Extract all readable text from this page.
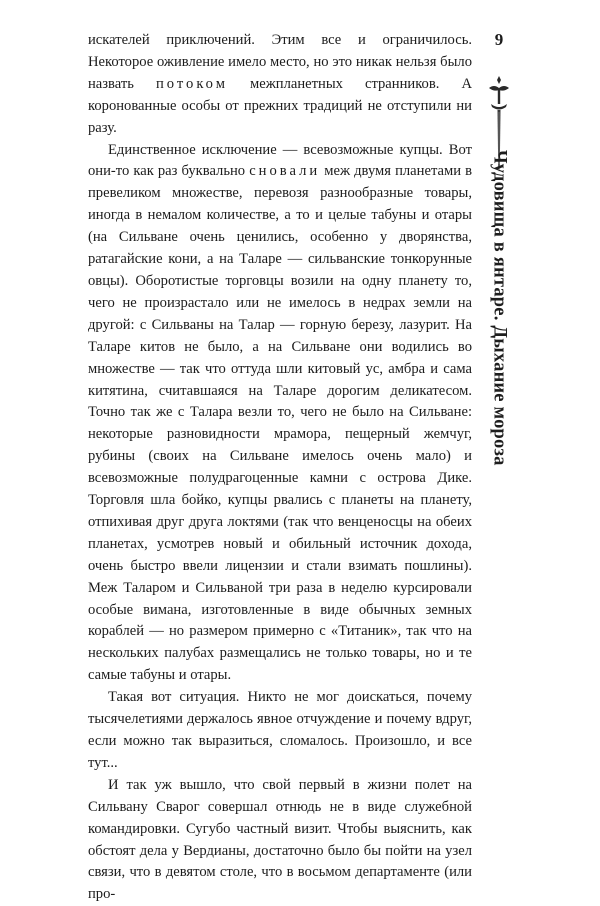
искателей приключений. Этим все и ограничилось. Некоторое оживление имело место, но это никак нельзя было назвать потоком межпланетных странников. А коронованные особы от прежних традиций не отступили ни разу.

Единственное исключение — всевозможные купцы. Вот они-то как раз буквально сновали меж двумя планетами в превеликом множестве, перевозя разнообразные товары, иногда в немалом количестве, а то и целые табуны и отары (на Сильване очень ценились, особенно у дворянства, ратагайские кони, а на Таларе — сильванские тонкорунные овцы). Оборотистые торговцы возили на одну планету то, чего не произрастало или не имелось в недрах земли на другой: с Сильваны на Талар — горную березу, лазурит. На Таларе китов не было, а на Сильване они водились во множестве — так что оттуда шли китовый ус, амбра и сама китятина, считавшаяся на Таларе дорогим деликатесом. Точно так же с Талара везли то, чего не было на Сильване: некоторые разновидности мрамора, пещерный жемчуг, рубины (своих на Сильване имелось очень мало) и всевозможные полудрагоценные камни с острова Дике. Торговля шла бойко, купцы рвались с планеты на планету, отпихивая друг друга локтями (так что венценосцы на обеих планетах, усмотрев новый и обильный источник дохода, очень быстро ввели лицензии и стали взимать пошлины). Меж Таларом и Сильваной три раза в неделю курсировали особые вимана, изготовленные в виде обычных земных кораблей — но размером примерно с «Титаник», так что на нескольких палубах размещались не только товары, но и те самые табуны и отары.

Такая вот ситуация. Никто не мог доискаться, почему тысячелетиями держалось явное отчуждение и почему вдруг, если можно так выразиться, сломалось. Произошло, и все тут...

И так уж вышло, что свой первый в жизни полет на Сильвану Сварог совершал отнюдь не в виде служебной командировки. Сугубо частный визит. Чтобы выяснить, как обстоят дела у Вердианы, достаточно было бы пойти на узел связи, что в девятом столе, что в восьмом департаменте (или про-

9
Чудовища в янтаре. Дыхание мороза
